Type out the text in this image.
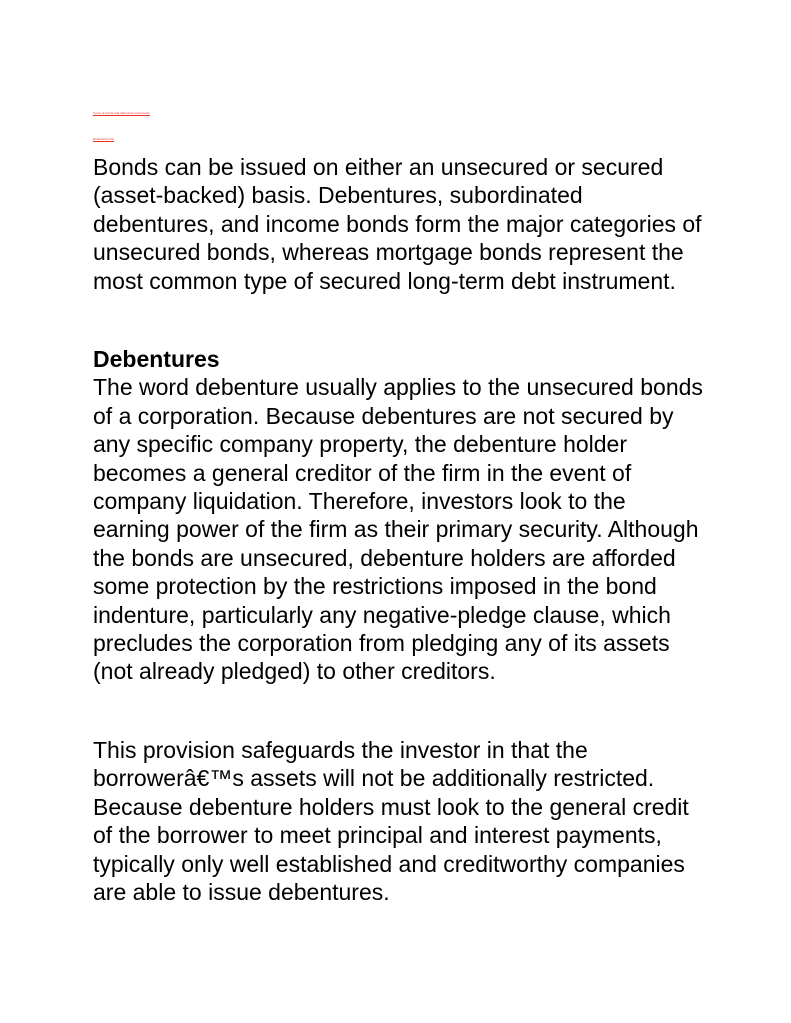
Types of bonds and debenture instruments
Debentures info

Bonds can be issued on either an unsecured or secured (asset-backed) basis. Debentures, subordinated debentures, and income bonds form the major categories of unsecured bonds, whereas mortgage bonds represent the most common type of secured long-term debt instrument.

Debentures
The word debenture usually applies to the unsecured bonds of a corporation. Because debentures are not secured by any specific company property, the debenture holder becomes a general creditor of the firm in the event of company liquidation. Therefore, investors look to the earning power of the firm as their primary security. Although the bonds are unsecured, debenture holders are afforded some protection by the restrictions imposed in the bond indenture, particularly any negative-pledge clause, which precludes the corporation from pledging any of its assets (not already pledged) to other creditors.

This provision safeguards the investor in that the borrowerâ€™s assets will not be additionally restricted. Because debenture holders must look to the general credit of the borrower to meet principal and interest payments, typically only well established and creditworthy companies are able to issue debentures.
